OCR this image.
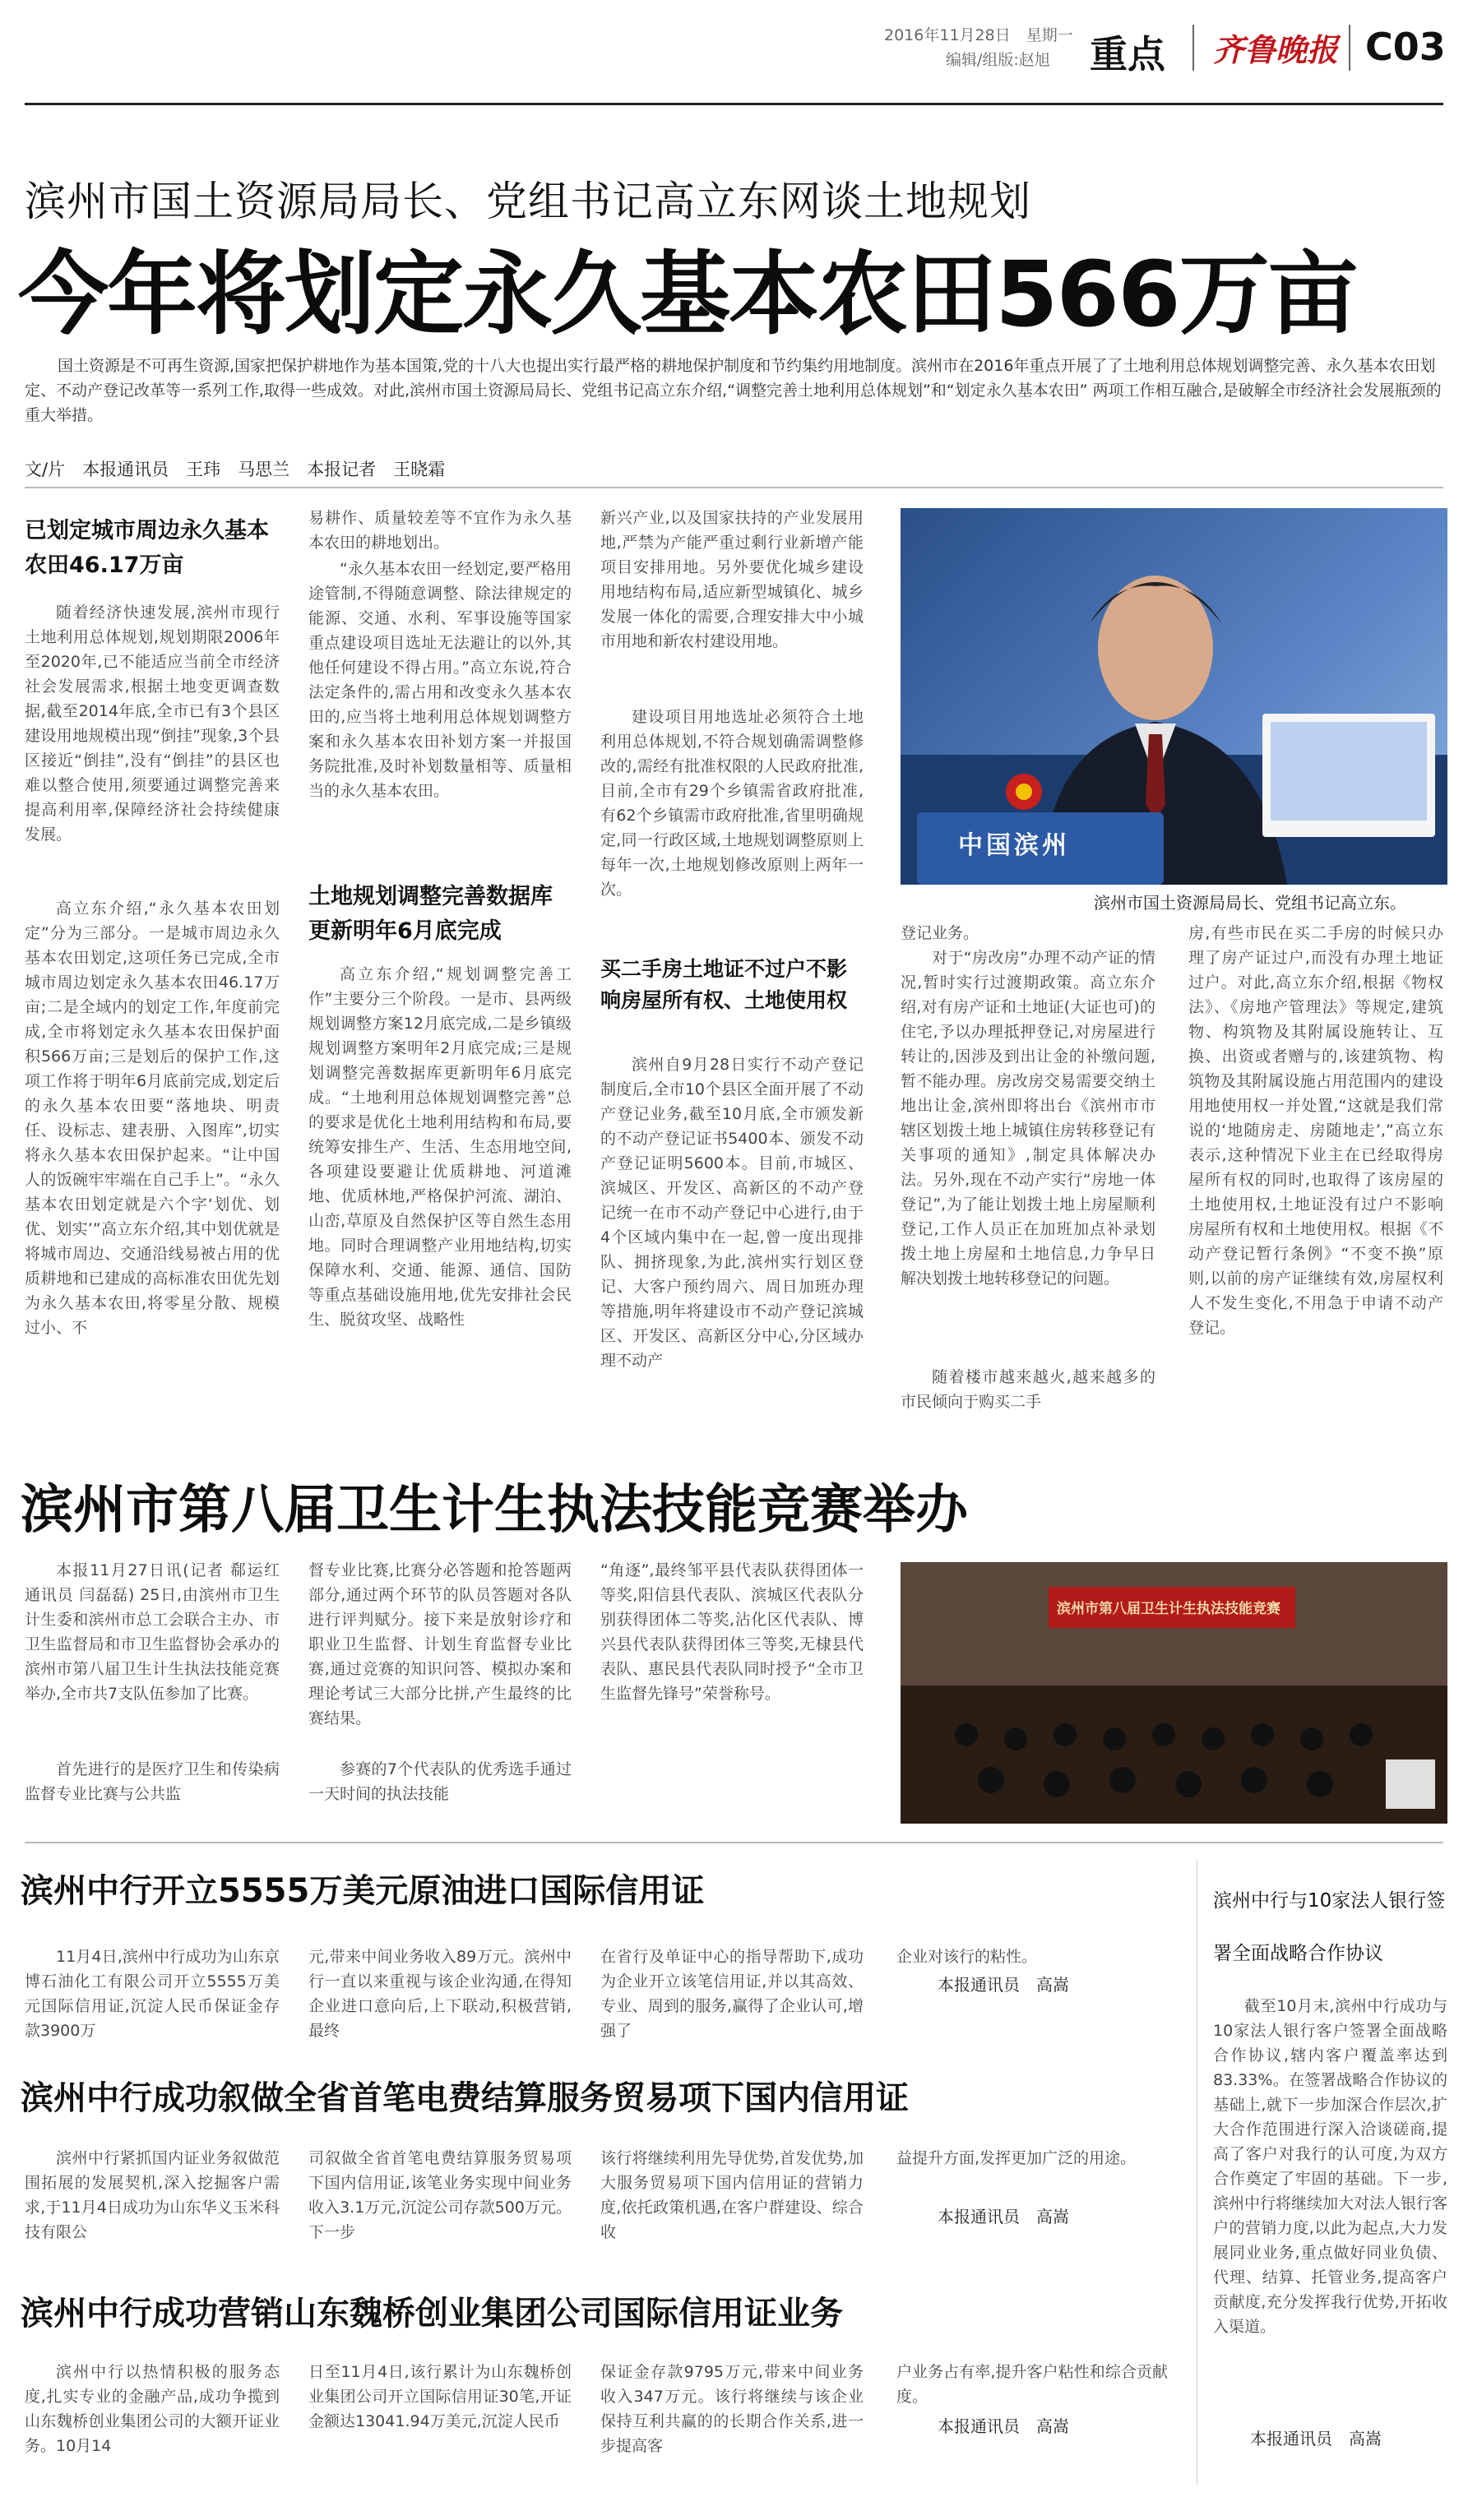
2016年11月28日　星期一
编辑/组版:赵旭 重点 齐鲁晚报 C03
滨州市国土资源局局长、党组书记高立东网谈土地规划
今年将划定永久基本农田566万亩
国土资源是不可再生资源,国家把保护耕地作为基本国策,党的十八大也提出实行最严格的耕地保护制度和节约集约用地制度。滨州市在2016年重点开展了了土地利用总体规划调整完善、永久基本农田划定、不动产登记改革等一系列工作,取得一些成效。对此,滨州市国土资源局局长、党组书记高立东介绍,“调整完善土地利用总体规划”和“划定永久基本农田” 两项工作相互融合,是破解全市经济社会发展瓶颈的重大举措。
文/片　本报通讯员　王玮　马思兰　本报记者　王晓霜
已划定城市周边永久基本农田46.17万亩
随着经济快速发展,滨州市现行土地利用总体规划,规划期限2006年至2020年,已不能适应当前全市经济社会发展需求,根据土地变更调查数据,截至2014年底,全市已有3个县区建设用地规模出现“倒挂”现象,3个县区接近“倒挂”,没有“倒挂”的县区也难以整合使用,须要通过调整完善来提高利用率,保障经济社会持续健康发展。
高立东介绍,“永久基本农田划定”分为三部分。一是城市周边永久基本农田划定,这项任务已完成,全市城市周边划定永久基本农田46.17万亩;二是全域内的划定工作,年度前完成,全市将划定永久基本农田保护面积566万亩;三是划后的保护工作,这项工作将于明年6月底前完成,划定后的永久基本农田要“落地块、明责任、设标志、建表册、入图库”,切实将永久基本农田保护起来。“让中国人的饭碗牢牢端在自己手上”。“永久基本农田划定就是六个字‘划优、划优、划实’”高立东介绍,其中划优就是将城市周边、交通沿线易被占用的优质耕地和已建成的高标准农田优先划为永久基本农田,将零星分散、规模过小、不
易耕作、质量较差等不宜作为永久基本农田的耕地划出。
“永久基本农田一经划定,要严格用途管制,不得随意调整、除法律规定的能源、交通、水利、军事设施等国家重点建设项目选址无法避让的以外,其他任何建设不得占用。”高立东说,符合法定条件的,需占用和改变永久基本农田的,应当将土地利用总体规划调整方案和永久基本农田补划方案一并报国务院批准,及时补划数量相等、质量相当的永久基本农田。
土地规划调整完善数据库更新明年6月底完成
高立东介绍,“规划调整完善工作”主要分三个阶段。一是市、县两级规划调整方案12月底完成,二是乡镇级规划调整方案明年2月底完成;三是规划调整完善数据库更新明年6月底完成。“土地利用总体规划调整完善”总的要求是优化土地利用结构和布局,要统筹安排生产、生活、生态用地空间,各项建设要避让优质耕地、河道滩地、优质林地,严格保护河流、湖泊、山峦,草原及自然保护区等自然生态用地。同时合理调整产业用地结构,切实保障水利、交通、能源、通信、国防等重点基础设施用地,优先安排社会民生、脱贫攻坚、战略性
新兴产业,以及国家扶持的产业发展用地,严禁为产能严重过剩行业新增产能项目安排用地。另外要优化城乡建设用地结构布局,适应新型城镇化、城乡发展一体化的需要,合理安排大中小城市用地和新农村建设用地。
建设项目用地选址必须符合土地利用总体规划,不符合规划确需调整修改的,需经有批准权限的人民政府批准,目前,全市有29个乡镇需省政府批准,有62个乡镇需市政府批准,省里明确规定,同一行政区域,土地规划调整原则上每年一次,土地规划修改原则上两年一次。
买二手房土地证不过户不影响房屋所有权、土地使用权
滨州自9月28日实行不动产登记制度后,全市10个县区全面开展了不动产登记业务,截至10月底,全市颁发新的不动产登记证书5400本、颁发不动产登记证明5600本。目前,市城区、滨城区、开发区、高新区的不动产登记统一在市不动产登记中心进行,由于4个区域内集中在一起,曾一度出现排队、拥挤现象,为此,滨州实行划区登记、大客户预约周六、周日加班办理等措施,明年将建设市不动产登记滨城区、开发区、高新区分中心,分区域办理不动产
中国滨州
滨州市国土资源局局长、党组书记高立东。
登记业务。
对于“房改房”办理不动产证的情况,暂时实行过渡期政策。高立东介绍,对有房产证和土地证(大证也可)的住宅,予以办理抵押登记,对房屋进行转让的,因涉及到出让金的补缴问题,暂不能办理。房改房交易需要交纳土地出让金,滨州即将出台《滨州市市辖区划拨土地上城镇住房转移登记有关事项的通知》,制定具体解决办法。另外,现在不动产实行“房地一体登记”,为了能让划拨土地上房屋顺利登记,工作人员正在加班加点补录划拨土地上房屋和土地信息,力争早日解决划拨土地转移登记的问题。
随着楼市越来越火,越来越多的市民倾向于购买二手
房,有些市民在买二手房的时候只办理了房产证过户,而没有办理土地证过户。对此,高立东介绍,根据《物权法》、《房地产管理法》等规定,建筑物、构筑物及其附属设施转让、互换、出资或者赠与的,该建筑物、构筑物及其附属设施占用范围内的建设用地使用权一并处置,“这就是我们常说的‘地随房走、房随地走’,”高立东表示,这种情况下业主在已经取得房屋所有权的同时,也取得了该房屋的土地使用权,土地证没有过户不影响房屋所有权和土地使用权。根据《不动产登记暂行条例》“不变不换”原则,以前的房产证继续有效,房屋权利人不发生变化,不用急于申请不动产登记。
滨州市第八届卫生计生执法技能竞赛举办
本报11月27日讯(记者 郗运红 通讯员 闫磊磊) 25日,由滨州市卫生计生委和滨州市总工会联合主办、市卫生监督局和市卫生监督协会承办的滨州市第八届卫生计生执法技能竞赛举办,全市共7支队伍参加了比赛。
首先进行的是医疗卫生和传染病监督专业比赛与公共监
督专业比赛,比赛分必答题和抢答题两部分,通过两个环节的队员答题对各队进行评判赋分。接下来是放射诊疗和职业卫生监督、计划生育监督专业比赛,通过竞赛的知识问答、模拟办案和理论考试三大部分比拼,产生最终的比赛结果。
参赛的7个代表队的优秀选手通过一天时间的执法技能
“角逐”,最终邹平县代表队获得团体一等奖,阳信县代表队、滨城区代表队分别获得团体二等奖,沾化区代表队、博兴县代表队获得团体三等奖,无棣县代表队、惠民县代表队同时授予“全市卫生监督先锋号”荣誉称号。
滨州市第八届卫生计生执法技能竞赛
滨州中行开立5555万美元原油进口国际信用证
11月4日,滨州中行成功为山东京博石油化工有限公司开立5555万美元国际信用证,沉淀人民币保证金存款3900万
元,带来中间业务收入89万元。滨州中行一直以来重视与该企业沟通,在得知企业进口意向后,上下联动,积极营销,最终
在省行及单证中心的指导帮助下,成功为企业开立该笔信用证,并以其高效、专业、周到的服务,赢得了企业认可,增强了
企业对该行的粘性。
本报通讯员　高嵩
滨州中行成功叙做全省首笔电费结算服务贸易项下国内信用证
滨州中行紧抓国内证业务叙做范围拓展的发展契机,深入挖掘客户需求,于11月4日成功为山东华义玉米科技有限公
司叙做全省首笔电费结算服务贸易项下国内信用证,该笔业务实现中间业务收入3.1万元,沉淀公司存款500万元。下一步
该行将继续利用先导优势,首发优势,加大服务贸易项下国内信用证的营销力度,依托政策机遇,在客户群建设、综合收
益提升方面,发挥更加广泛的用途。
本报通讯员　高嵩
滨州中行成功营销山东魏桥创业集团公司国际信用证业务
滨州中行以热情积极的服务态度,扎实专业的金融产品,成功争揽到山东魏桥创业集团公司的大额开证业务。10月14
日至11月4日,该行累计为山东魏桥创业集团公司开立国际信用证30笔,开证金额达13041.94万美元,沉淀人民币
保证金存款9795万元,带来中间业务收入347万元。该行将继续与该企业保持互利共赢的的长期合作关系,进一步提高客
户业务占有率,提升客户粘性和综合贡献度。
本报通讯员　高嵩
滨州中行与10家法人银行签署全面战略合作协议
截至10月末,滨州中行成功与10家法人银行客户签署全面战略合作协议,辖内客户覆盖率达到83.33%。在签署战略合作协议的基础上,就下一步加深合作层次,扩大合作范围进行深入洽谈磋商,提高了客户对我行的认可度,为双方合作奠定了牢固的基础。下一步,滨州中行将继续加大对法人银行客户的营销力度,以此为起点,大力发展同业业务,重点做好同业负债、代理、结算、托管业务,提高客户贡献度,充分发挥我行优势,开拓收入渠道。
本报通讯员　高嵩
